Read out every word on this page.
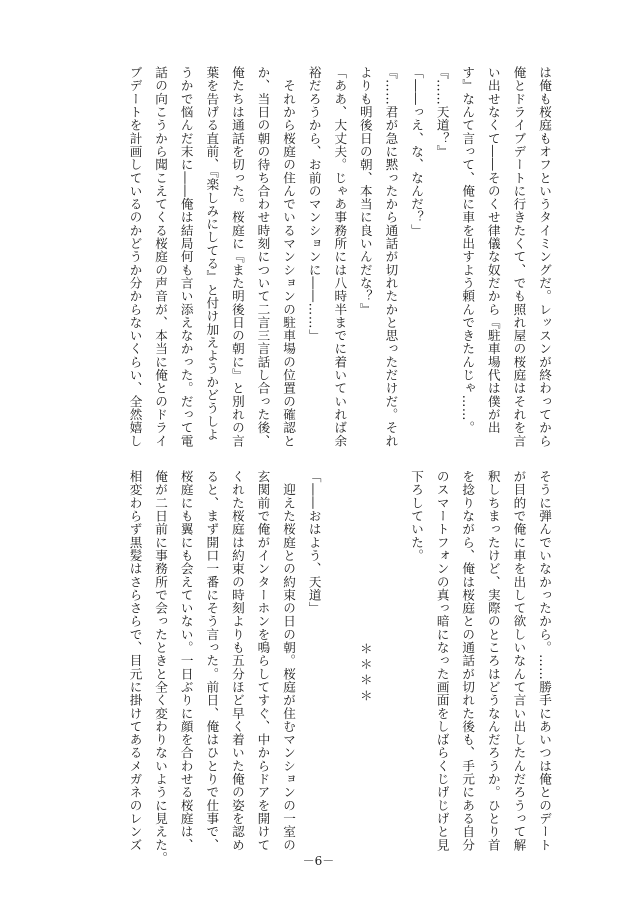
は俺も桜庭もオフというタイミングだ。レッスンが終わってから

俺とドライブデートに行きたくて、でも照れ屋の桜庭はそれを言

い出せなくて――そのくせ律儀な奴だから『駐車場代は僕が出

す』なんて言って、俺に車を出すよう頼んできたんじゃ……。

『……天道？』

「――っえ、な、なんだ？」

『……君が急に黙ったから通話が切れたかと思っただけだ。それ

よりも明後日の朝、本当に良いんだな？』

「ああ、大丈夫。じゃあ事務所には八時半までに着いていれば余

裕だろうから、お前のマンションに――……」

　それから桜庭の住んでいるマンションの駐車場の位置の確認と

か、当日の朝の待ち合わせ時刻について二言三言話し合った後、

俺たちは通話を切った。桜庭に『また明後日の朝に』と別れの言

葉を告げる直前、『楽しみにしてる』と付け加えようかどうしよ

うかで悩んだ末に――俺は結局何も言い添えなかった。だって電

話の向こうから聞こえてくる桜庭の声音が、本当に俺とのドライ

ブデートを計画しているのかどうか分からないくらい、全然嬉し

そうに弾んでいなかったから。……勝手にあいつは俺とのデート

が目的で俺に車を出して欲しいなんて言い出したんだろうって解

釈しちまったけど、実際のところはどうなんだろうか。ひとり首

を捻りながら、俺は桜庭との通話が切れた後も、手元にある自分

のスマートフォンの真っ暗になった画面をしばらくじげじげと見

下ろしていた。

＊＊＊＊

「――おはよう、天道」

　迎えた桜庭との約束の日の朝。桜庭が住むマンションの一室の

玄関前で俺がインターホンを鳴らしてすぐ、中からドアを開けて

くれた桜庭は約束の時刻よりも五分ほど早く着いた俺の姿を認め

ると、まず開口一番にそう言った。前日、俺はひとりで仕事で、

桜庭にも翼にも会えていない。一日ぶりに顔を合わせる桜庭は、

俺が二日前に事務所で会ったときと全く変わりないように見えた。

相変わらず黒髪はさらさらで、目元に掛けてあるメガネのレンズ

－6－
